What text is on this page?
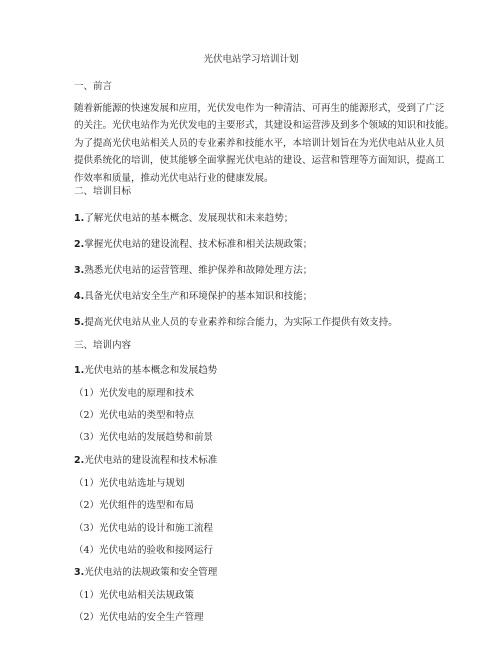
光伏电站学习培训计划
一、前言
随着新能源的快速发展和应用，光伏发电作为一种清洁、可再生的能源形式，受到了广泛
的关注。光伏电站作为光伏发电的主要形式，其建设和运营涉及到多个领域的知识和技能。
为了提高光伏电站相关人员的专业素养和技能水平，本培训计划旨在为光伏电站从业人员
提供系统化的培训，使其能够全面掌握光伏电站的建设、运营和管理等方面知识，提高工
作效率和质量，推动光伏电站行业的健康发展。
二、培训目标
1.了解光伏电站的基本概念、发展现状和未来趋势；
2.掌握光伏电站的建设流程、技术标准和相关法规政策；
3.熟悉光伏电站的运营管理、维护保养和故障处理方法；
4.具备光伏电站安全生产和环境保护的基本知识和技能；
5.提高光伏电站从业人员的专业素养和综合能力，为实际工作提供有效支持。
三、培训内容
1.光伏电站的基本概念和发展趋势
（1）光伏发电的原理和技术
（2）光伏电站的类型和特点
（3）光伏电站的发展趋势和前景
2.光伏电站的建设流程和技术标准
（1）光伏电站选址与规划
（2）光伏组件的选型和布局
（3）光伏电站的设计和施工流程
（4）光伏电站的验收和接网运行
3.光伏电站的法规政策和安全管理
（1）光伏电站相关法规政策
（2）光伏电站的安全生产管理
